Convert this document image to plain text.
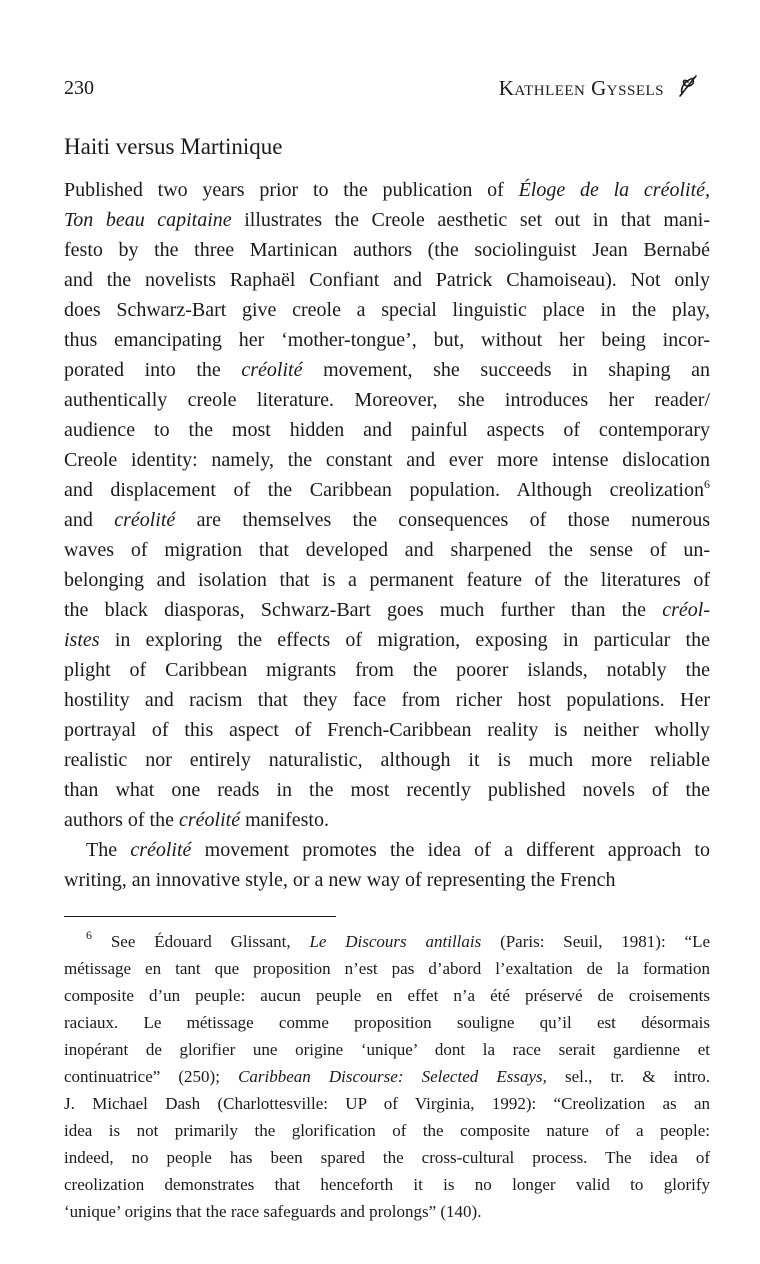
230	Kathleen Gyssels
Haiti versus Martinique
Published two years prior to the publication of Éloge de la créolité,
Ton beau capitaine illustrates the Creole aesthetic set out in that mani-
festo by the three Martinican authors (the sociolinguist Jean Bernabé
and the novelists Raphaël Confiant and Patrick Chamoiseau). Not only
does Schwarz-Bart give creole a special linguistic place in the play,
thus emancipating her ‘mother-tongue’, but, without her being incor-
porated into the créolité movement, she succeeds in shaping an
authentically creole literature. Moreover, she introduces her reader/
audience to the most hidden and painful aspects of contemporary
Creole identity: namely, the constant and ever more intense dislocation
and displacement of the Caribbean population. Although creolization$^6$
and créolité are themselves the consequences of those numerous
waves of migration that developed and sharpened the sense of un-
belonging and isolation that is a permanent feature of the literatures of
the black diasporas, Schwarz-Bart goes much further than the créol-
istes in exploring the effects of migration, exposing in particular the
plight of Caribbean migrants from the poorer islands, notably the
hostility and racism that they face from richer host populations. Her
portrayal of this aspect of French-Caribbean reality is neither wholly
realistic nor entirely naturalistic, although it is much more reliable
than what one reads in the most recently published novels of the
authors of the créolité manifesto.
The créolité movement promotes the idea of a different approach to
writing, an innovative style, or a new way of representing the French
$^6$ See Édouard Glissant, Le Discours antillais (Paris: Seuil, 1981): “Le
métissage en tant que proposition n’est pas d’abord l’exaltation de la formation
composite d’un peuple: aucun peuple en effet n’a été préservé de croisements
raciaux. Le métissage comme proposition souligne qu’il est désormais
inopérant de glorifier une origine ‘unique’ dont la race serait gardienne et
continuatrice” (250); Caribbean Discourse: Selected Essays, sel., tr. & intro.
J. Michael Dash (Charlottesville: UP of Virginia, 1992): “Creolization as an
idea is not primarily the glorification of the composite nature of a people:
indeed, no people has been spared the cross-cultural process. The idea of
creolization demonstrates that henceforth it is no longer valid to glorify
‘unique’ origins that the race safeguards and prolongs” (140).
